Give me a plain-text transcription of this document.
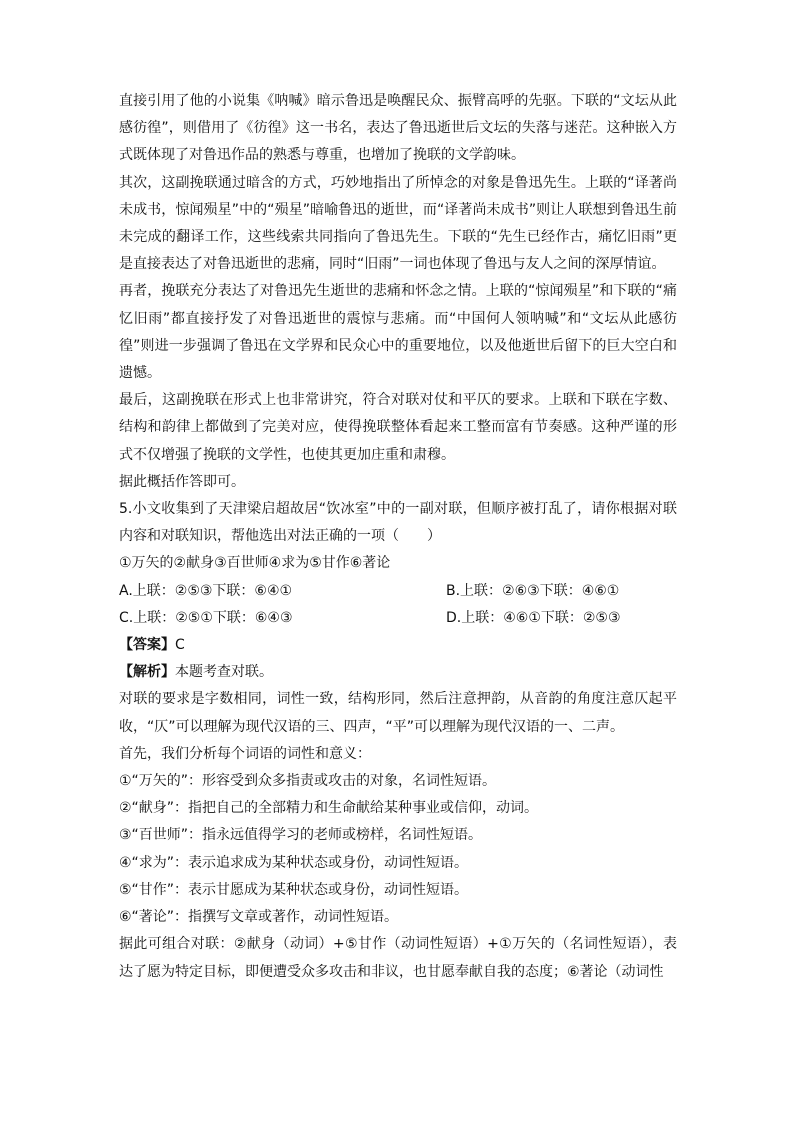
直接引用了他的小说集《呐喊》暗示鲁迅是唤醒民众、振臂高呼的先驱。下联的“文坛从此感彷徨”，则借用了《彷徨》这一书名，表达了鲁迅逝世后文坛的失落与迷茫。这种嵌入方式既体现了对鲁迅作品的熟悉与尊重，也增加了挽联的文学韵味。

其次，这副挽联通过暗含的方式，巧妙地指出了所悼念的对象是鲁迅先生。上联的“译著尚未成书，惊闻殒星”中的“殒星”暗喻鲁迅的逝世，而“译著尚未成书”则让人联想到鲁迅生前未完成的翻译工作，这些线索共同指向了鲁迅先生。下联的“先生已经作古，痛忆旧雨”更是直接表达了对鲁迅逝世的悲痛，同时“旧雨”一词也体现了鲁迅与友人之间的深厚情谊。

再者，挽联充分表达了对鲁迅先生逝世的悲痛和怀念之情。上联的“惊闻殒星”和下联的“痛忆旧雨”都直接抒发了对鲁迅逝世的震惊与悲痛。而“中国何人领呐喊”和“文坛从此感彷徨”则进一步强调了鲁迅在文学界和民众心中的重要地位，以及他逝世后留下的巨大空白和遗憾。

最后，这副挽联在形式上也非常讲究，符合对联对仗和平仄的要求。上联和下联在字数、结构和韵律上都做到了完美对应，使得挽联整体看起来工整而富有节奏感。这种严谨的形式不仅增强了挽联的文学性，也使其更加庄重和肃穆。

据此概括作答即可。

5.小文收集到了天津梁启超故居“饮冰室”中的一副对联，但顺序被打乱了，请你根据对联内容和对联知识，帮他选出对法正确的一项（　　）

①万矢的②献身③百世师④求为⑤甘作⑥著论

A.上联：②⑤③下联：⑥④①	B.上联：②⑥③下联：④⑥①
C.上联：②⑤①下联：⑥④③	D.上联：④⑥①下联：②⑤③

【答案】C

【解析】本题考查对联。

对联的要求是字数相同，词性一致，结构形同，然后注意押韵，从音韵的角度注意仄起平收，“仄”可以理解为现代汉语的三、四声，“平”可以理解为现代汉语的一、二声。

首先，我们分析每个词语的词性和意义：

①“万矢的”：形容受到众多指责或攻击的对象，名词性短语。

②“献身”：指把自己的全部精力和生命献给某种事业或信仰，动词。

③“百世师”：指永远值得学习的老师或榜样，名词性短语。

④“求为”：表示追求成为某种状态或身份，动词性短语。

⑤“甘作”：表示甘愿成为某种状态或身份，动词性短语。

⑥“著论”：指撰写文章或著作，动词性短语。

据此可组合对联：②献身（动词）+⑤甘作（动词性短语）+①万矢的（名词性短语），表达了愿为特定目标，即便遭受众多攻击和非议，也甘愿奉献自我的态度；⑥著论（动词性
